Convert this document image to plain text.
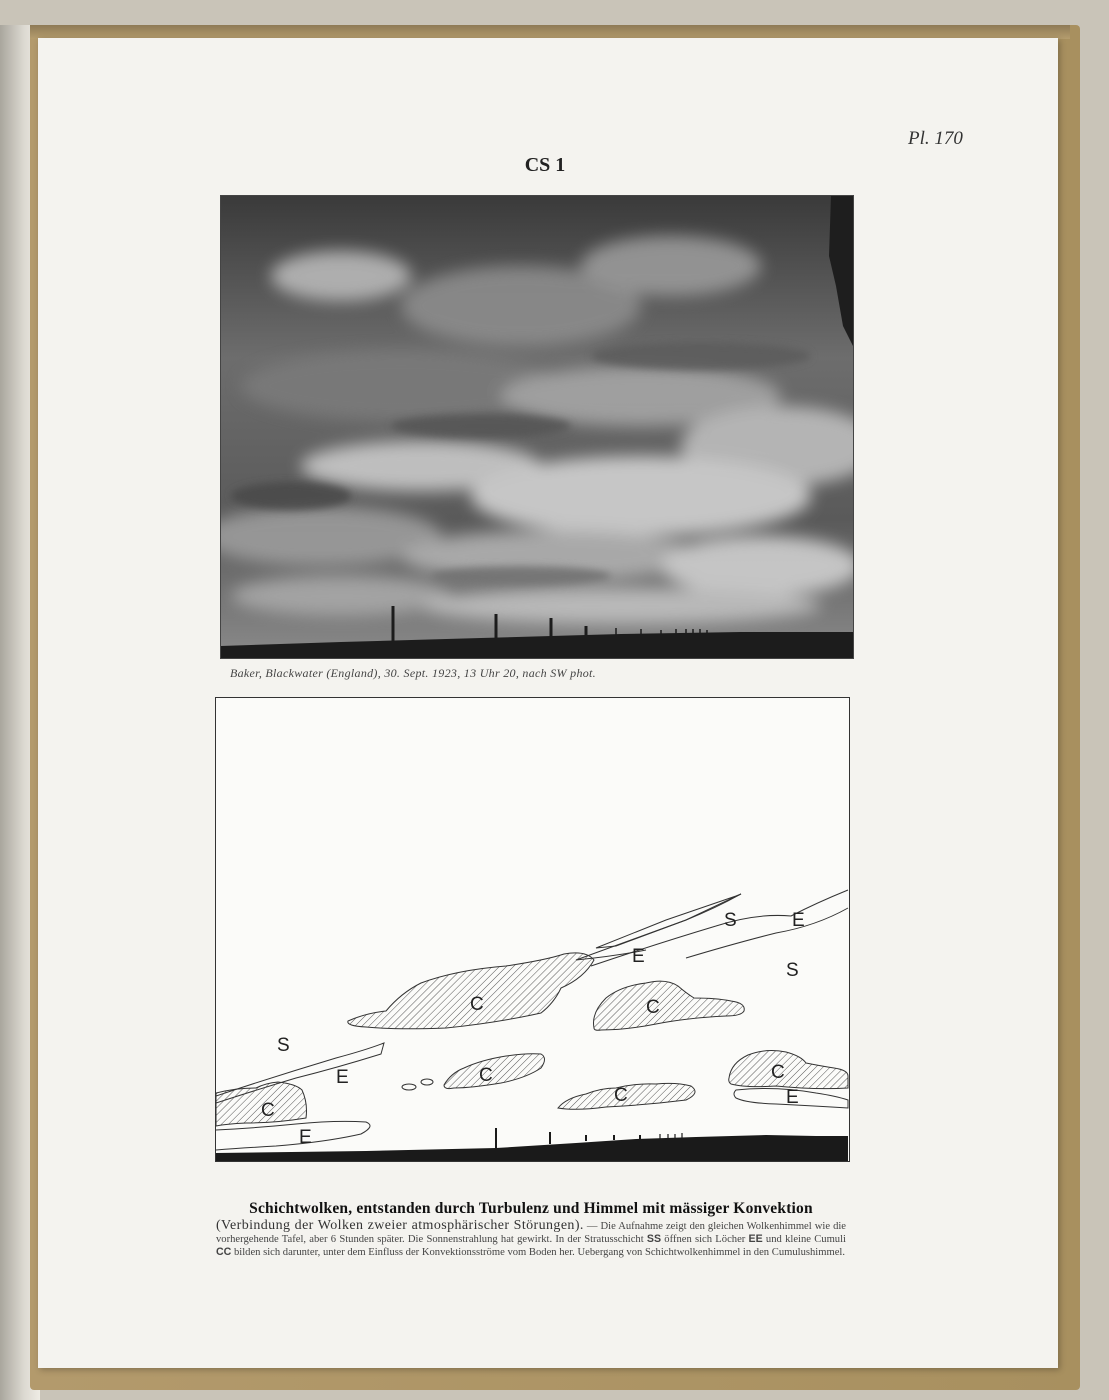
Pl. 170
CS 1
Baker, Blackwater (England), 30. Sept. 1923, 13 Uhr 20, nach SW phot.
S	E
E
S
C	C
S
E	C
C
C
E
C
E
Schichtwolken, entstanden durch Turbulenz und Himmel mit mässiger Konvektion
(Verbindung der Wolken zweier atmosphärischer Störungen). — Die Aufnahme zeigt den gleichen Wolkenhimmel wie die vorhergehende Tafel, aber 6 Stunden später. Die Sonnenstrahlung hat gewirkt. In der Stratusschicht SS öffnen sich Löcher EE und kleine Cumuli CC bilden sich darunter, unter dem Einfluss der Konvektionsströme vom Boden her. Uebergang von Schichtwolkenhimmel in den Cumulushimmel.
